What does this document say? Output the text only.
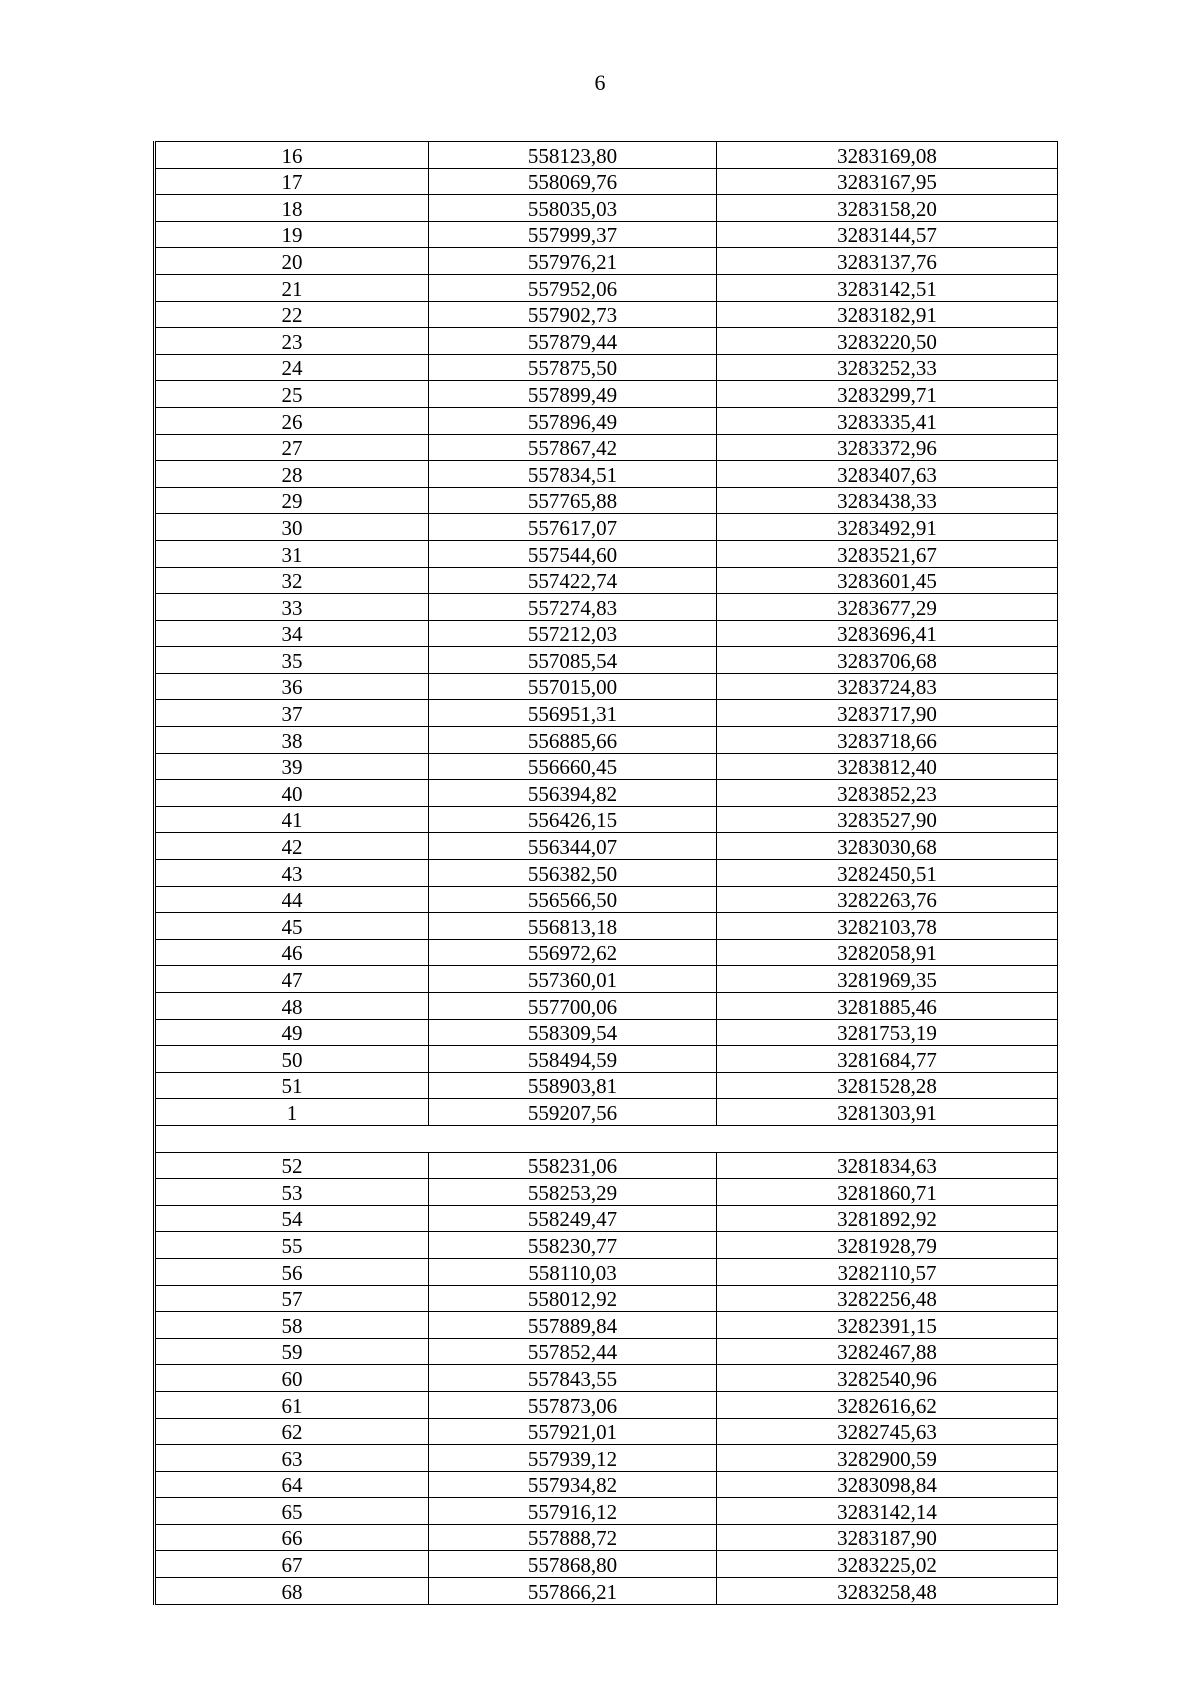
6
16	558123,80	3283169,08
17	558069,76	3283167,95
18	558035,03	3283158,20
19	557999,37	3283144,57
20	557976,21	3283137,76
21	557952,06	3283142,51
22	557902,73	3283182,91
23	557879,44	3283220,50
24	557875,50	3283252,33
25	557899,49	3283299,71
26	557896,49	3283335,41
27	557867,42	3283372,96
28	557834,51	3283407,63
29	557765,88	3283438,33
30	557617,07	3283492,91
31	557544,60	3283521,67
32	557422,74	3283601,45
33	557274,83	3283677,29
34	557212,03	3283696,41
35	557085,54	3283706,68
36	557015,00	3283724,83
37	556951,31	3283717,90
38	556885,66	3283718,66
39	556660,45	3283812,40
40	556394,82	3283852,23
41	556426,15	3283527,90
42	556344,07	3283030,68
43	556382,50	3282450,51
44	556566,50	3282263,76
45	556813,18	3282103,78
46	556972,62	3282058,91
47	557360,01	3281969,35
48	557700,06	3281885,46
49	558309,54	3281753,19
50	558494,59	3281684,77
51	558903,81	3281528,28
1	559207,56	3281303,91

52	558231,06	3281834,63
53	558253,29	3281860,71
54	558249,47	3281892,92
55	558230,77	3281928,79
56	558110,03	3282110,57
57	558012,92	3282256,48
58	557889,84	3282391,15
59	557852,44	3282467,88
60	557843,55	3282540,96
61	557873,06	3282616,62
62	557921,01	3282745,63
63	557939,12	3282900,59
64	557934,82	3283098,84
65	557916,12	3283142,14
66	557888,72	3283187,90
67	557868,80	3283225,02
68	557866,21	3283258,48
